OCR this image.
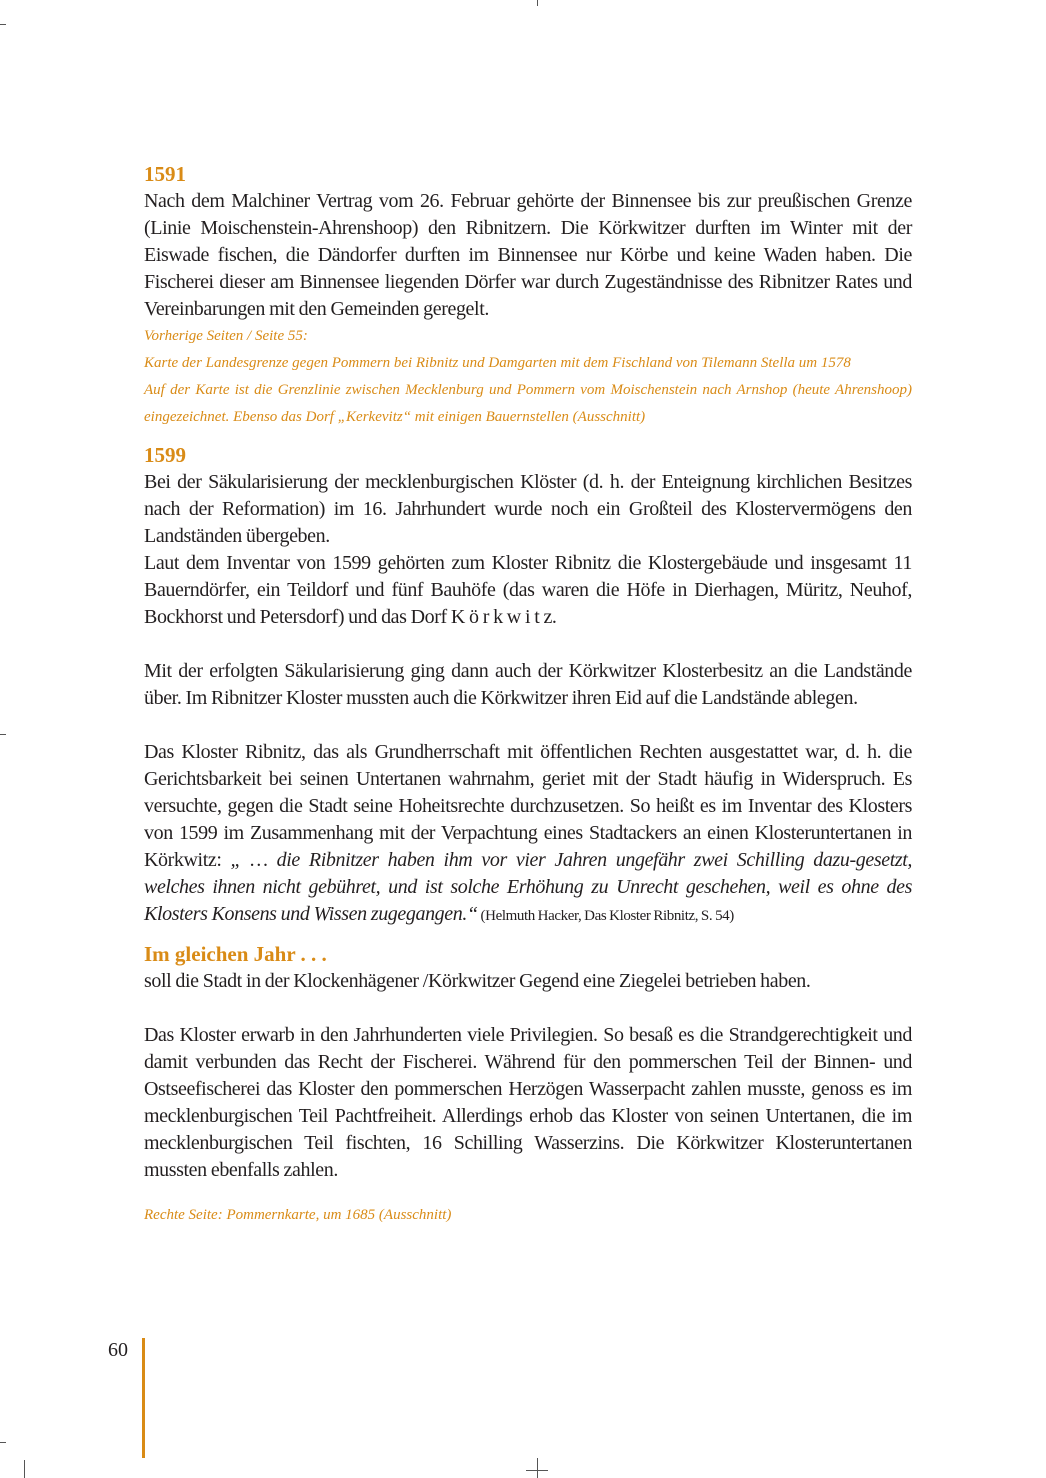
1591

Nach dem Malchiner Vertrag vom 26. Februar gehörte der Binnensee bis zur preußischen Grenze (Linie Moischenstein-Ahrenshoop) den Ribnitzern. Die Körkwitzer durften im Winter mit der Eiswade fischen, die Dändorfer durften im Binnensee nur Körbe und keine Waden haben. Die Fischerei dieser am Binnensee liegenden Dörfer war durch Zugeständnisse des Ribnitzer Rates und Vereinbarungen mit den Gemeinden geregelt.

Vorherige Seiten / Seite 55:

Karte der Landesgrenze gegen Pommern bei Ribnitz und Damgarten mit dem Fischland von Tilemann Stella um 1578

Auf der Karte ist die Grenzlinie zwischen Mecklenburg und Pommern vom Moischenstein nach Arnshop (heute Ahrenshoop) eingezeichnet. Ebenso das Dorf „Kerkevitz“ mit einigen Bauernstellen (Ausschnitt)

1599

Bei der Säkularisierung der mecklenburgischen Klöster (d. h. der Enteignung kirchlichen Besitzes nach der Reformation) im 16. Jahrhundert wurde noch ein Großteil des Klostervermögens den Landständen übergeben.

Laut dem Inventar von 1599 gehörten zum Kloster Ribnitz die Klostergebäude und insgesamt 11 Bauerndörfer, ein Teildorf und fünf Bauhöfe (das waren die Höfe in Dierhagen, Müritz, Neuhof, Bockhorst und Petersdorf) und das Dorf K ö r k w i t z.

Mit der erfolgten Säkularisierung ging dann auch der Körkwitzer Klosterbesitz an die Landstände über. Im Ribnitzer Kloster mussten auch die Körkwitzer ihren Eid auf die Landstände ablegen.

Das Kloster Ribnitz, das als Grundherrschaft mit öffentlichen Rechten ausgestattet war, d. h. die Gerichtsbarkeit bei seinen Untertanen wahrnahm, geriet mit der Stadt häufig in Widerspruch. Es versuchte, gegen die Stadt seine Hoheitsrechte durchzusetzen. So heißt es im Inventar des Klosters von 1599 im Zusammenhang mit der Verpachtung eines Stadtackers an einen Klosteruntertanen in Körkwitz: „ … die Ribnitzer haben ihm vor vier Jahren ungefähr zwei Schilling dazu-gesetzt, welches ihnen nicht gebühret, und ist solche Erhöhung zu Unrecht geschehen, weil es ohne des Klosters Konsens und Wissen zugegangen.“ (Helmuth Hacker, Das Kloster Ribnitz, S. 54)

Im gleichen Jahr . . .

soll die Stadt in der Klockenhägener /Körkwitzer Gegend eine Ziegelei betrieben haben.

Das Kloster erwarb in den Jahrhunderten viele Privilegien. So besaß es die Strandgerechtigkeit und damit verbunden das Recht der Fischerei. Während für den pommerschen Teil der Binnen- und Ostseefischerei das Kloster den pommerschen Herzögen Wasserpacht zahlen musste, genoss es im mecklenburgischen Teil Pachtfreiheit. Allerdings erhob das Kloster von seinen Untertanen, die im mecklenburgischen Teil fischten, 16 Schilling Wasserzins. Die Körkwitzer Klosteruntertanen mussten ebenfalls zahlen.

Rechte Seite: Pommernkarte, um 1685 (Ausschnitt)

60
